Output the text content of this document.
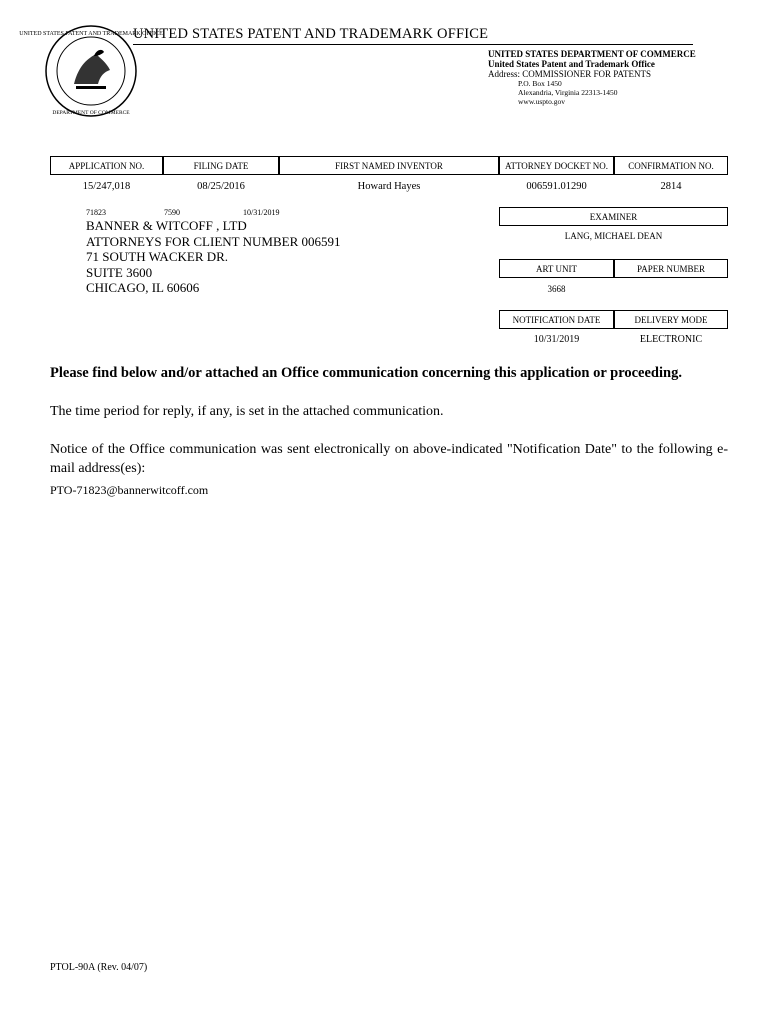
UNITED STATES PATENT AND TRADEMARK OFFICE
DEPARTMENT OF COMMERCE
UNITED STATES PATENT AND TRADEMARK OFFICE
UNITED STATES DEPARTMENT OF COMMERCE
United States Patent and Trademark Office
Address: COMMISSIONER FOR PATENTS
P.O. Box 1450
Alexandria, Virginia 22313-1450
www.uspto.gov
APPLICATION NO.	FILING DATE	FIRST NAMED INVENTOR	ATTORNEY DOCKET NO.	CONFIRMATION NO.
15/247,018	08/25/2016	Howard Hayes	006591.01290	2814
71823	7590	10/31/2019
BANNER & WITCOFF , LTD
ATTORNEYS FOR CLIENT NUMBER 006591
71 SOUTH WACKER DR.
SUITE 3600
CHICAGO, IL 60606
EXAMINER
LANG, MICHAEL DEAN
ART UNIT	PAPER NUMBER
3668
NOTIFICATION DATE	DELIVERY MODE
10/31/2019	ELECTRONIC
Please find below and/or attached an Office communication concerning this application or proceeding.
The time period for reply, if any, is set in the attached communication.
Notice of the Office communication was sent electronically on above-indicated "Notification Date" to the following e-mail address(es):
PTO-71823@bannerwitcoff.com
PTOL-90A (Rev. 04/07)
